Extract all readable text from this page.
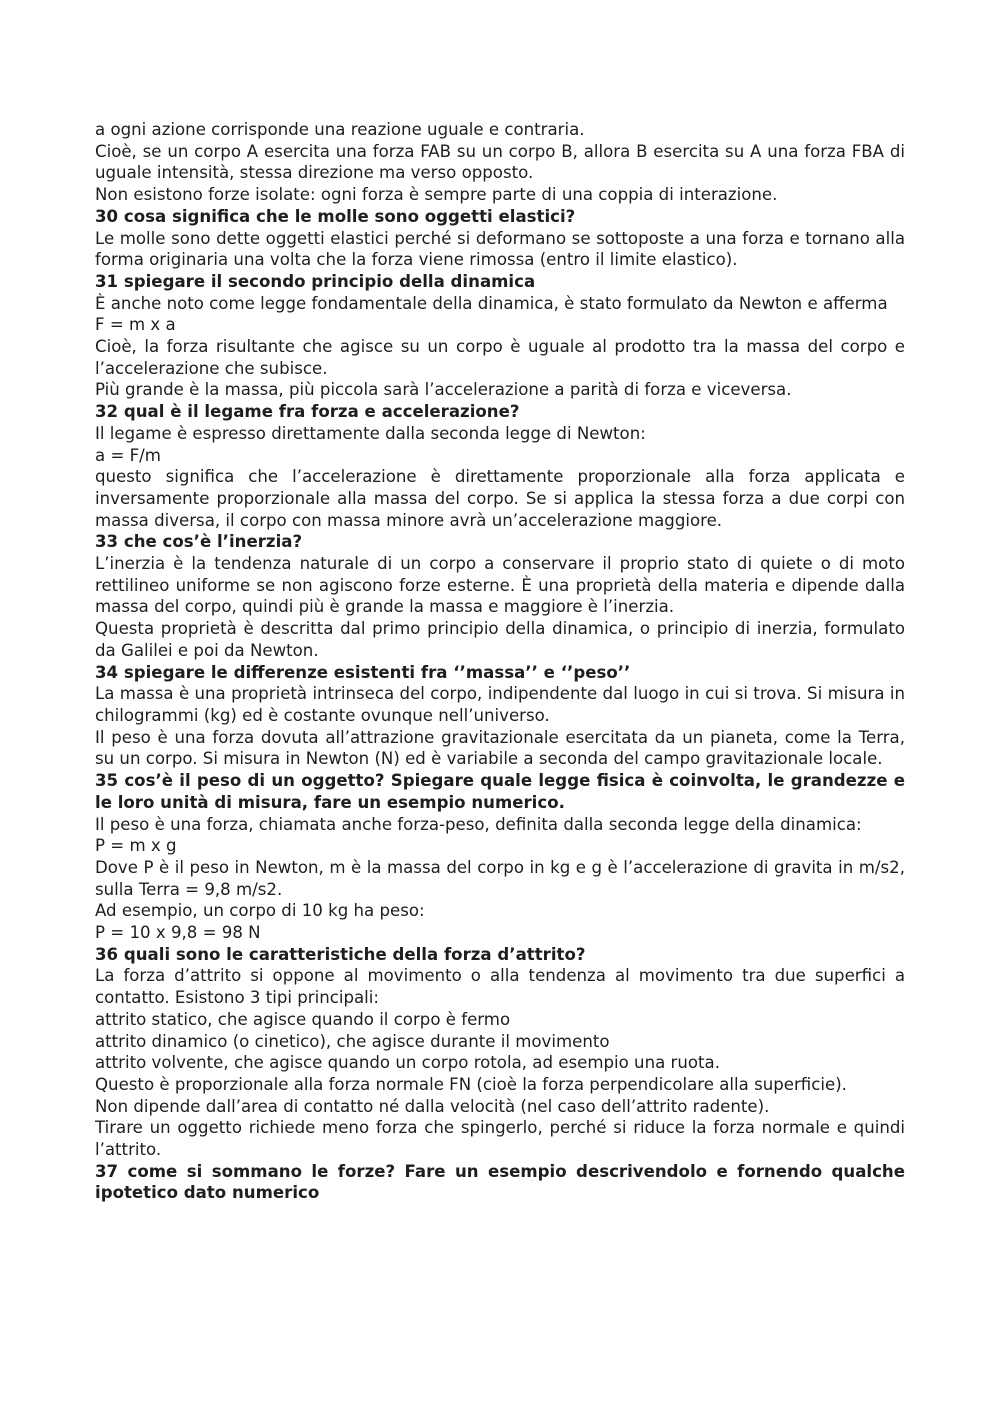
a ogni azione corrisponde una reazione uguale e contraria.

Cioè, se un corpo A esercita una forza FAB su un corpo B, allora B esercita su A una forza FBA di uguale intensità, stessa direzione ma verso opposto.

Non esistono forze isolate: ogni forza è sempre parte di una coppia di interazione.

30 cosa significa che le molle sono oggetti elastici?

Le molle sono dette oggetti elastici perché si deformano se sottoposte a una forza e tornano alla forma originaria una volta che la forza viene rimossa (entro il limite elastico).

31 spiegare il secondo principio della dinamica

È anche noto come legge fondamentale della dinamica, è stato formulato da Newton e afferma

F = m x a

Cioè, la forza risultante che agisce su un corpo è uguale al prodotto tra la massa del corpo e l’accelerazione che subisce.

Più grande è la massa, più piccola sarà l’accelerazione a parità di forza e viceversa.

32 qual è il legame fra forza e accelerazione?

Il legame è espresso direttamente dalla seconda legge di Newton:

a = F/m

questo significa che l’accelerazione è direttamente proporzionale alla forza applicata e inversamente proporzionale alla massa del corpo. Se si applica la stessa forza a due corpi con massa diversa, il corpo con massa minore avrà un’accelerazione maggiore.

33 che cos’è l’inerzia?

L’inerzia è la tendenza naturale di un corpo a conservare il proprio stato di quiete o di moto rettilineo uniforme se non agiscono forze esterne. È una proprietà della materia e dipende dalla massa del corpo, quindi più è grande la massa e maggiore è l’inerzia.

Questa proprietà è descritta dal primo principio della dinamica, o principio di inerzia, formulato da Galilei e poi da Newton.

34 spiegare le differenze esistenti fra ‘’massa’’ e ‘’peso’’

La massa è una proprietà intrinseca del corpo, indipendente dal luogo in cui si trova. Si misura in chilogrammi (kg) ed è costante ovunque nell’universo.

Il peso è una forza dovuta all’attrazione gravitazionale esercitata da un pianeta, come la Terra, su un corpo. Si misura in Newton (N) ed è variabile a seconda del campo gravitazionale locale.

35 cos’è il peso di un oggetto? Spiegare quale legge fisica è coinvolta, le grandezze e le loro unità di misura, fare un esempio numerico.

Il peso è una forza, chiamata anche forza-peso, definita dalla seconda legge della dinamica:

P = m x g

Dove P è il peso in Newton, m è la massa del corpo in kg e g è l’accelerazione di gravita in m/s2, sulla Terra = 9,8 m/s2.

Ad esempio, un corpo di 10 kg ha peso:

P = 10 x 9,8 = 98 N

36 quali sono le caratteristiche della forza d’attrito?

La forza d’attrito si oppone al movimento o alla tendenza al movimento tra due superfici a contatto. Esistono 3 tipi principali:

attrito statico, che agisce quando il corpo è fermo

attrito dinamico (o cinetico), che agisce durante il movimento

attrito volvente, che agisce quando un corpo rotola, ad esempio una ruota.

Questo è proporzionale alla forza normale FN (cioè la forza perpendicolare alla superficie).

Non dipende dall’area di contatto né dalla velocità (nel caso dell’attrito radente).

Tirare un oggetto richiede meno forza che spingerlo, perché si riduce la forza normale e quindi l’attrito.

37 come si sommano le forze? Fare un esempio descrivendolo e fornendo qualche ipotetico dato numerico
